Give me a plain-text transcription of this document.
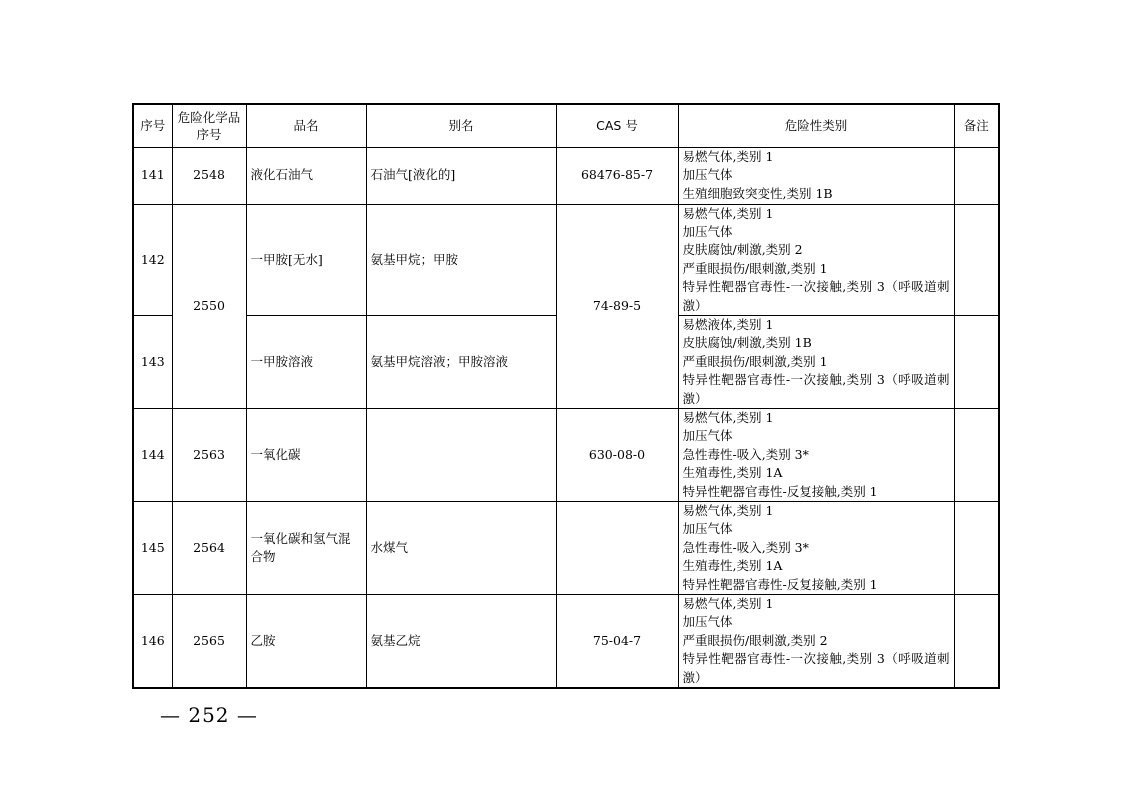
序号	危险化学品序号	品名	别名	CAS 号	危险性类别	备注
141	2548	液化石油气	石油气[液化的]	68476-85-7	易燃气体,类别 1
加压气体
生殖细胞致突变性,类别 1B	

142	2550	一甲胺[无水]	氨基甲烷；甲胺	74-89-5	易燃气体,类别 1
加压气体
皮肤腐蚀/刺激,类别 2
严重眼损伤/眼刺激,类别 1
特异性靶器官毒性-一次接触,类别 3（呼吸道刺激）	

143		一甲胺溶液	氨基甲烷溶液；甲胺溶液		易燃液体,类别 1
皮肤腐蚀/刺激,类别 1B
严重眼损伤/眼刺激,类别 1
特异性靶器官毒性-一次接触,类别 3（呼吸道刺激）	

144	2563	一氧化碳		630-08-0	易燃气体,类别 1
加压气体
急性毒性-吸入,类别 3*
生殖毒性,类别 1A
特异性靶器官毒性-反复接触,类别 1	

145	2564	一氧化碳和氢气混合物	水煤气		易燃气体,类别 1
加压气体
急性毒性-吸入,类别 3*
生殖毒性,类别 1A
特异性靶器官毒性-反复接触,类别 1	

146	2565	乙胺	氨基乙烷	75-04-7	易燃气体,类别 1
加压气体
严重眼损伤/眼刺激,类别 2
特异性靶器官毒性-一次接触,类别 3（呼吸道刺激）	

— 252 —
